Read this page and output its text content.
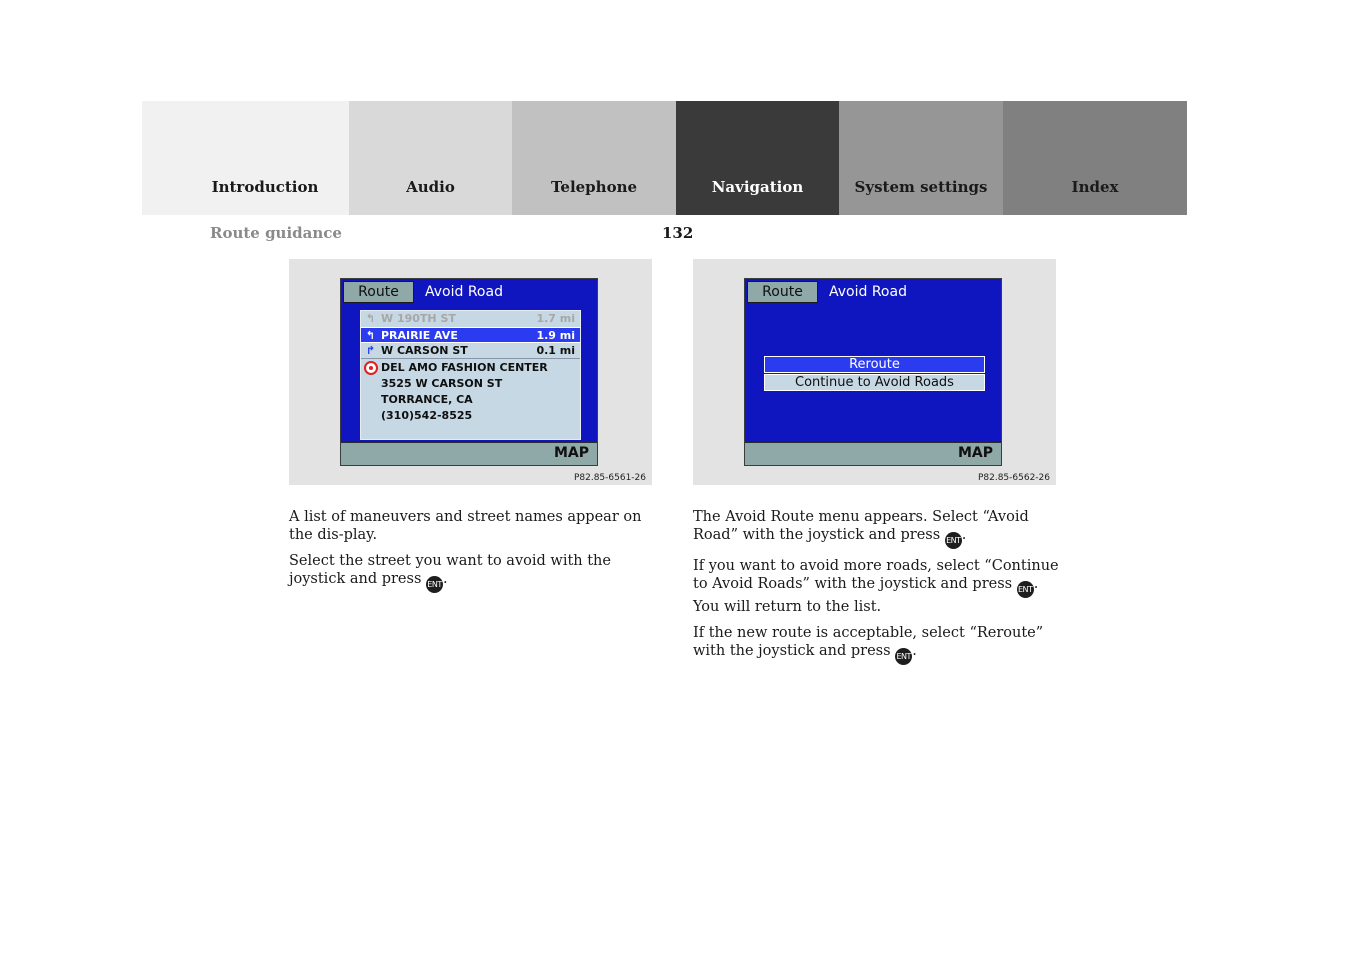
Introduction	Audio	Telephone	Navigation	System settings	Index
Route guidance	132
Route	Avoid Road
↰ W 190TH ST	1.7 mi
↰ PRAIRIE AVE	1.9 mi
↱ W CARSON ST	0.1 mi
DEL AMO FASHION CENTER
3525 W CARSON ST
TORRANCE, CA
(310)542-8525
MAP
P82.85-6561-26
Route	Avoid Road
Reroute
Continue to Avoid Roads
MAP
P82.85-6562-26

A list of maneuvers and street names appear on the dis-play.

Select the street you want to avoid with the joystick and press ENT.

The Avoid Route menu appears. Select “Avoid Road” with the joystick and press ENT.

If you want to avoid more roads, select “Continue to Avoid Roads” with the joystick and press ENT. You will return to the list.

If the new route is acceptable, select “Reroute” with the joystick and press ENT.
